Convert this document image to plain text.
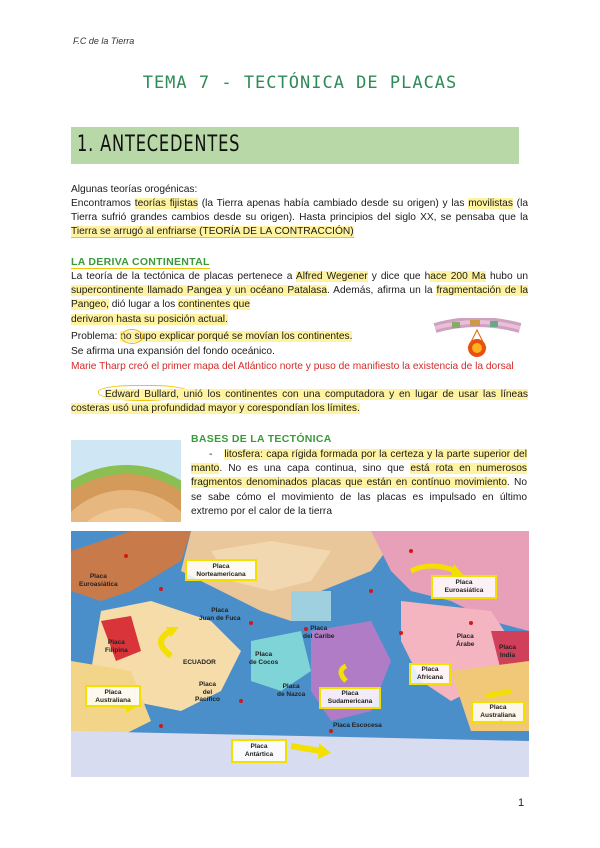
F.C de la Tierra
TEMA 7 - TECTÓNICA DE PLACAS
1. ANTECEDENTES
Algunas teorías orogénicas:
Encontramos teorías fijistas (la Tierra apenas había cambiado desde su origen) y las movilistas (la Tierra sufrió grandes cambios desde su origen). Hasta principios del siglo XX, se pensaba que la Tierra se arrugó al enfriarse (TEORÍA DE LA CONTRACCIÓN)
LA DERIVA CONTINENTAL
La teoría de la tectónica de placas pertenece a Alfred Wegener y dice que hace 200 Ma hubo un supercontinente llamado Pangea y un océano Patalasa. Además, afirma un la fragmentación de la Pangeo, dió lugar a los continentes que
derivaron hasta su posición actual.
Problema: no supo explicar porqué se movían los continentes.
Se afirma una expansión del fondo oceánico.
Marie Tharp creó el primer mapa del Atlántico norte y puso de manifiesto la existencia de la dorsal
Edward Bullard, unió los continentes con una computadora y en lugar de usar las líneas costeras usó una profundidad mayor y corespondían los límites.
BASES DE LA TECTÓNICA
- litosfera: capa rígida formada por la certeza y la parte superior del manto. No es una capa continua, sino que está rota en numerosos fragmentos denominados placas que están en contínuo movimiento. No se sabe cómo el movimiento de las placas es impulsado en último extremo por el calor de la tierra
Placa
Euroasiática
Placa
Norteamericana
Placa
Euroasiática
Placa
Juan de Fuca
Placa
del Caribe
Placa
Filipina
Placa
Árabe	Placa
India
Placa
de Cocos
ECUADOR
Placa
Africana
Placa
Australiana
Placa
del
Pacífico
Placa
de Nazca	Placa
Sudamericana
Placa
Australiana
Placa Escocesa
Placa
Antártica
1
